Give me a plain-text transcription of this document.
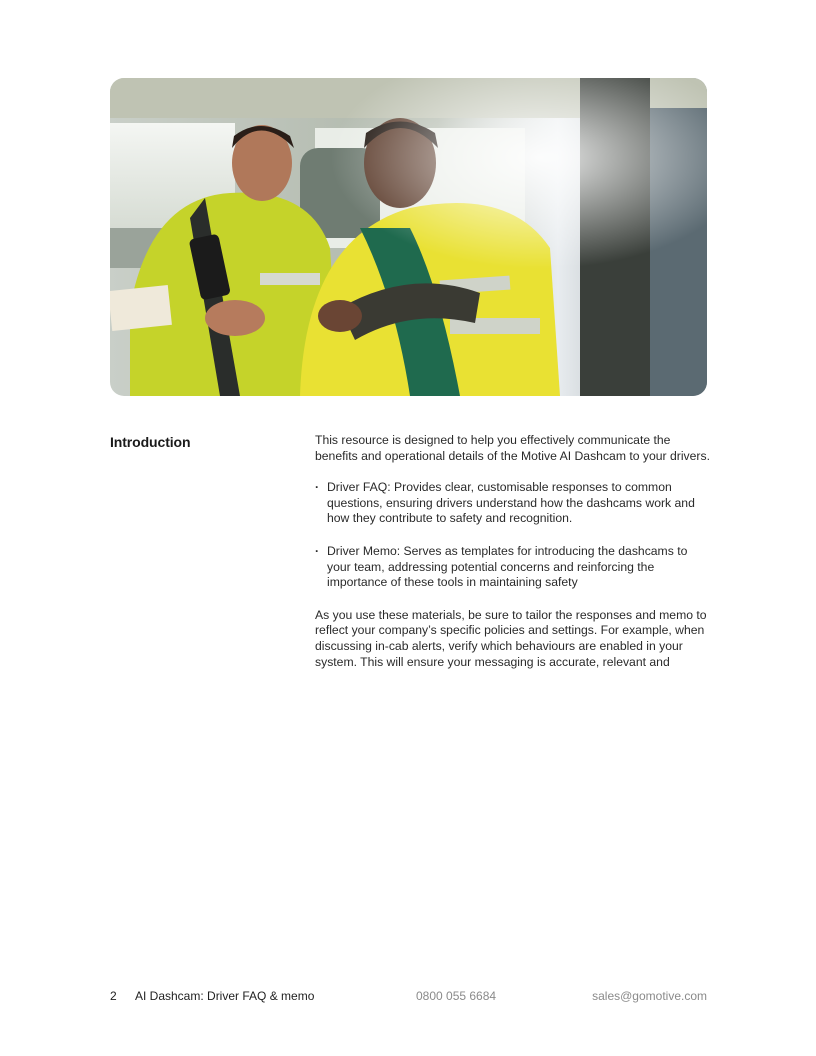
Introduction	This resource is designed to help you effectively communicate the benefits and operational details of the Motive AI Dashcam to your drivers.

· Driver FAQ: Provides clear, customisable responses to common questions, ensuring drivers understand how the dashcams work and how they contribute to safety and recognition.
· Driver Memo: Serves as templates for introducing the dashcams to your team, addressing potential concerns and reinforcing the importance of these tools in maintaining safety

As you use these materials, be sure to tailor the responses and memo to reflect your company’s specific policies and settings. For example, when discussing in-cab alerts, verify which behaviours are enabled in your system. This will ensure your messaging is accurate, relevant and

2 AI Dashcam: Driver FAQ & memo	0800 055 6684	sales@gomotive.com
